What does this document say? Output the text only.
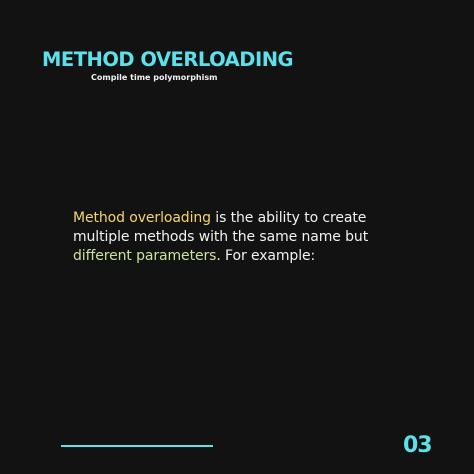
METHOD OVERLOADING
Compile time polymorphism
Method overloading is the ability to create multiple methods with the same name but different parameters. For example:
03
